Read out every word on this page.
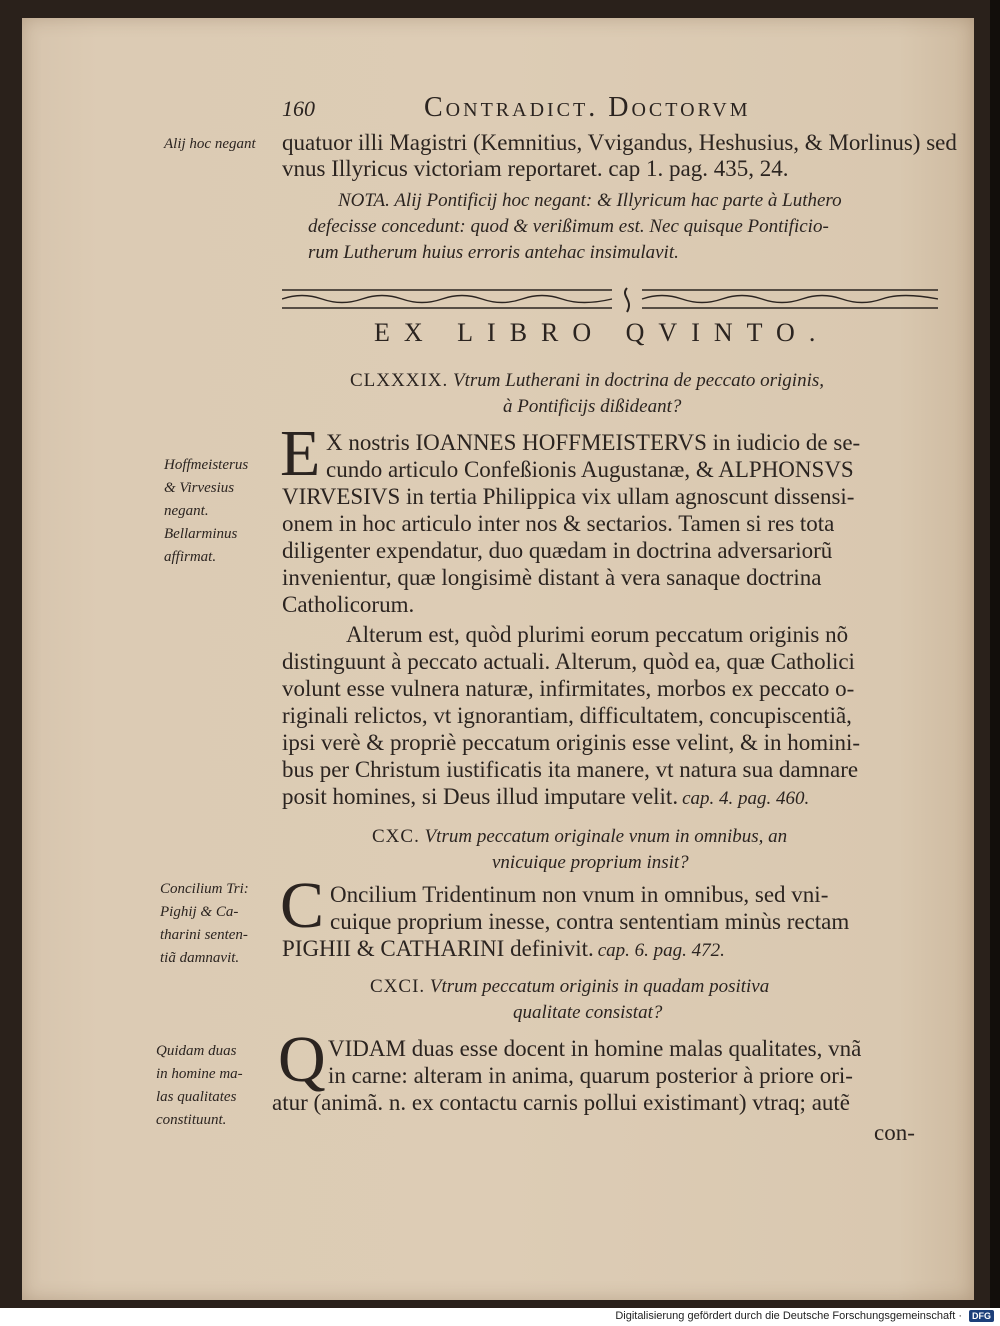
160	Contradict. Doctorvm
Alij hoc negant quatuor illi Magistri (Kemnitius, Vvigandus, Heshusius, & Morlinus) sed
vnus Illyricus victoriam reportaret. cap 1. pag. 435, 24.
NOTA. Alij Pontificij hoc negant: & Illyricum hac parte à Luthero
defecisse concedunt: quod & verißimum est. Nec quisque Pontificio-
rum Lutherum huius erroris antehac insimulavit.
EX LIBRO QVINTO.
CLXXXIX. Vtrum Lutherani in doctrina de peccato originis,
à Pontificijs dißideant?
Hoffmeisterus
& Virvesius
negant.
Bellarminus
affirmat.
E X nostris IOANNES HOFFMEISTERVS in iudicio de se-
cundo articulo Confeßionis Augustanæ, & ALPHONSVS
VIRVESIVS in tertia Philippica vix ullam agnoscunt dissensi-
onem in hoc articulo inter nos & sectarios. Tamen si res tota
diligenter expendatur, duo quædam in doctrina adversariorũ
invenientur, quæ longisimè distant à vera sanaque doctrina
Catholicorum.
Alterum est, quòd plurimi eorum peccatum originis nõ
distinguunt à peccato actuali. Alterum, quòd ea, quæ Catholici
volunt esse vulnera naturæ, infirmitates, morbos ex peccato o-
riginali relictos, vt ignorantiam, difficultatem, concupiscentiã,
ipsi verè & propriè peccatum originis esse velint, & in homini-
bus per Christum iustificatis ita manere, vt natura sua damnare
posit homines, si Deus illud imputare velit. cap. 4. pag. 460.
CXC. Vtrum peccatum originale vnum in omnibus, an
vnicuique proprium insit?
Concilium Tri:
Pighij & Ca-
tharini senten-
tiã damnavit.
C Oncilium Tridentinum non vnum in omnibus, sed vni-
cuique proprium inesse, contra sententiam minùs rectam
PIGHII & CATHARINI definivit. cap. 6. pag. 472.
CXCI. Vtrum peccatum originis in quadam positiva
qualitate consistat?
Quidam duas
in homine ma-
las qualitates
constituunt.
Q VIDAM duas esse docent in homine malas qualitates, vnã
in carne: alteram in anima, quarum posterior à priore ori-
atur (animã. n. ex contactu carnis pollui existimant) vtraq; autẽ
con-
Digitalisierung gefördert durch die Deutsche Forschungsgemeinschaft ·	DFG
